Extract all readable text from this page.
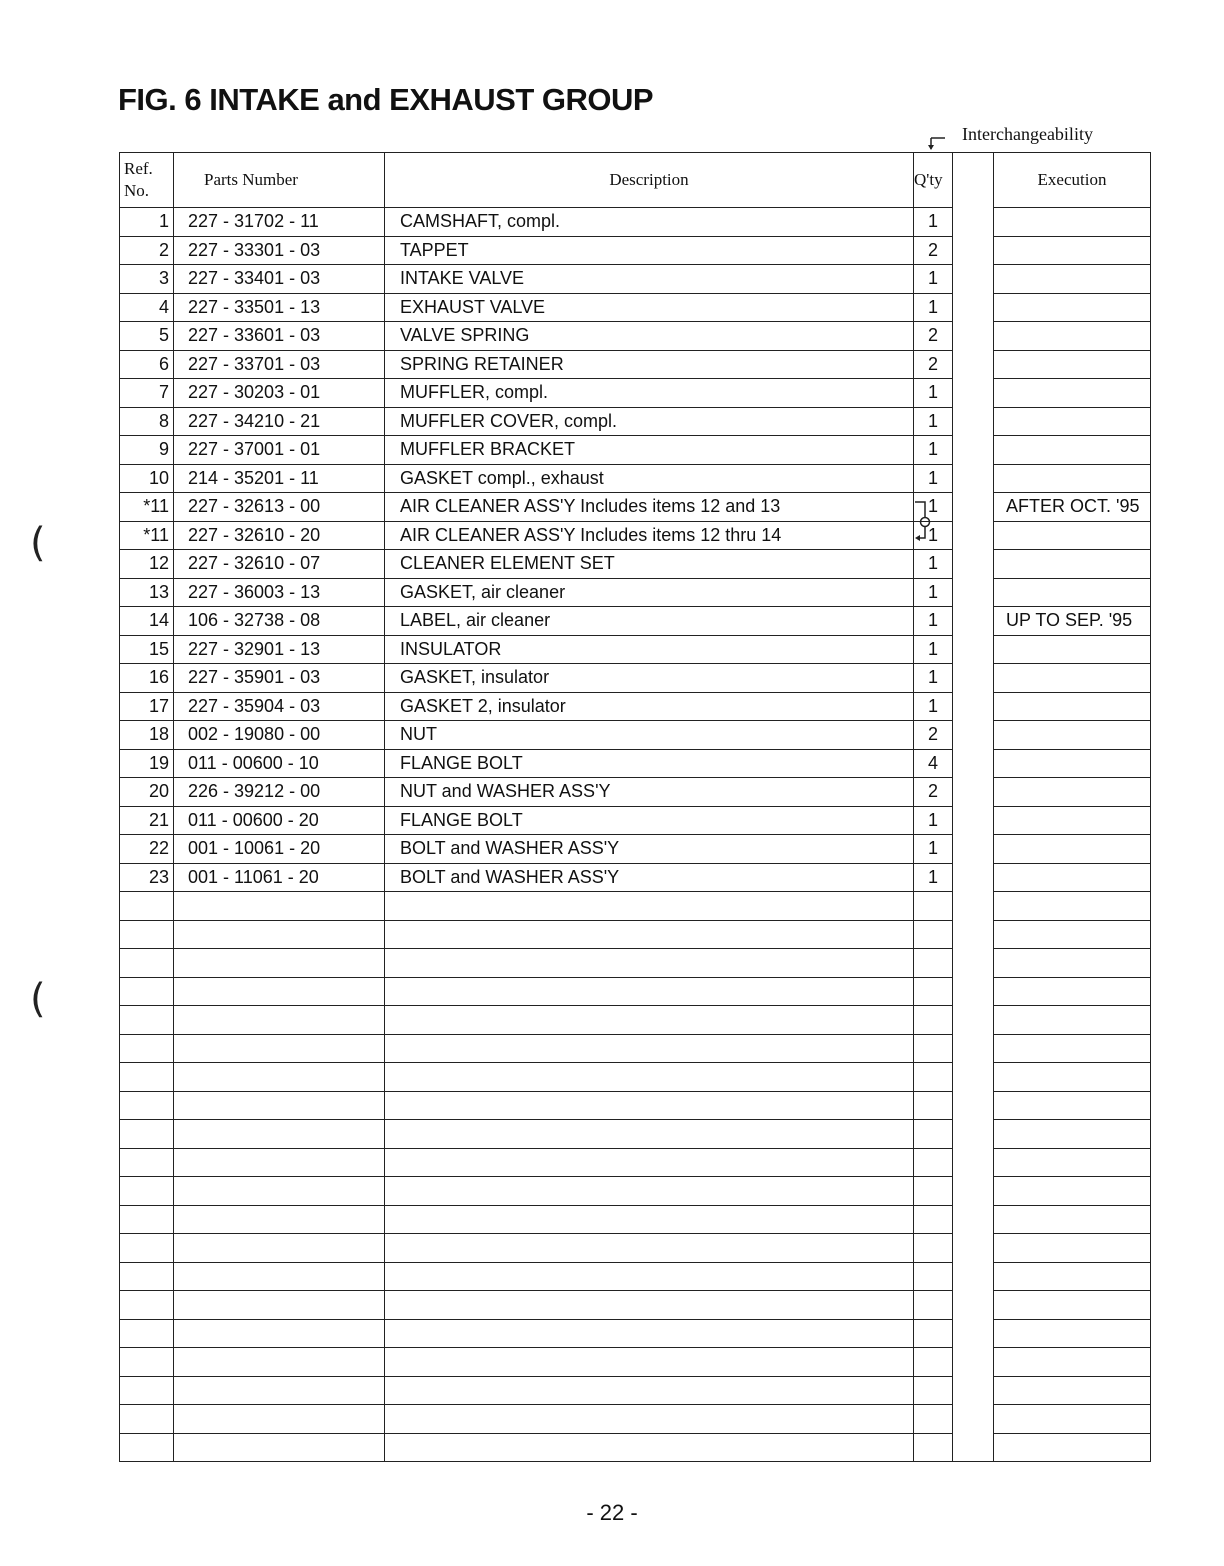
FIG. 6 INTAKE and EXHAUST GROUP
Interchangeability
Ref.
No.	Parts Number	Description	Q'ty		Execution
1	227 - 31702 - 11	CAMSHAFT, compl.	1		
2	227 - 33301 - 03	TAPPET	2		
3	227 - 33401 - 03	INTAKE VALVE	1		
4	227 - 33501 - 13	EXHAUST VALVE	1		
5	227 - 33601 - 03	VALVE SPRING	2		
6	227 - 33701 - 03	SPRING RETAINER	2		
7	227 - 30203 - 01	MUFFLER, compl.	1		
8	227 - 34210 - 21	MUFFLER COVER, compl.	1		
9	227 - 37001 - 01	MUFFLER BRACKET	1		
10	214 - 35201 - 11	GASKET compl., exhaust	1		
*11	227 - 32613 - 00	AIR CLEANER ASS'Y Includes items 12 and 13	1		AFTER OCT. '95
*11	227 - 32610 - 20	AIR CLEANER ASS'Y Includes items 12 thru 14	1		
12	227 - 32610 - 07	CLEANER ELEMENT SET	1		
13	227 - 36003 - 13	GASKET, air cleaner	1		
14	106 - 32738 - 08	LABEL, air cleaner	1		UP TO SEP. '95
15	227 - 32901 - 13	INSULATOR	1		
16	227 - 35901 - 03	GASKET, insulator	1		
17	227 - 35904 - 03	GASKET 2, insulator	1		
18	002 - 19080 - 00	NUT	2		
19	011 - 00600 - 10	FLANGE BOLT	4		
20	226 - 39212 - 00	NUT and WASHER ASS'Y	2		
21	011 - 00600 - 20	FLANGE BOLT	1		
22	001 - 10061 - 20	BOLT and WASHER ASS'Y	1		
23	001 - 11061 - 20	BOLT and WASHER ASS'Y	1		

(
(
- 22 -
